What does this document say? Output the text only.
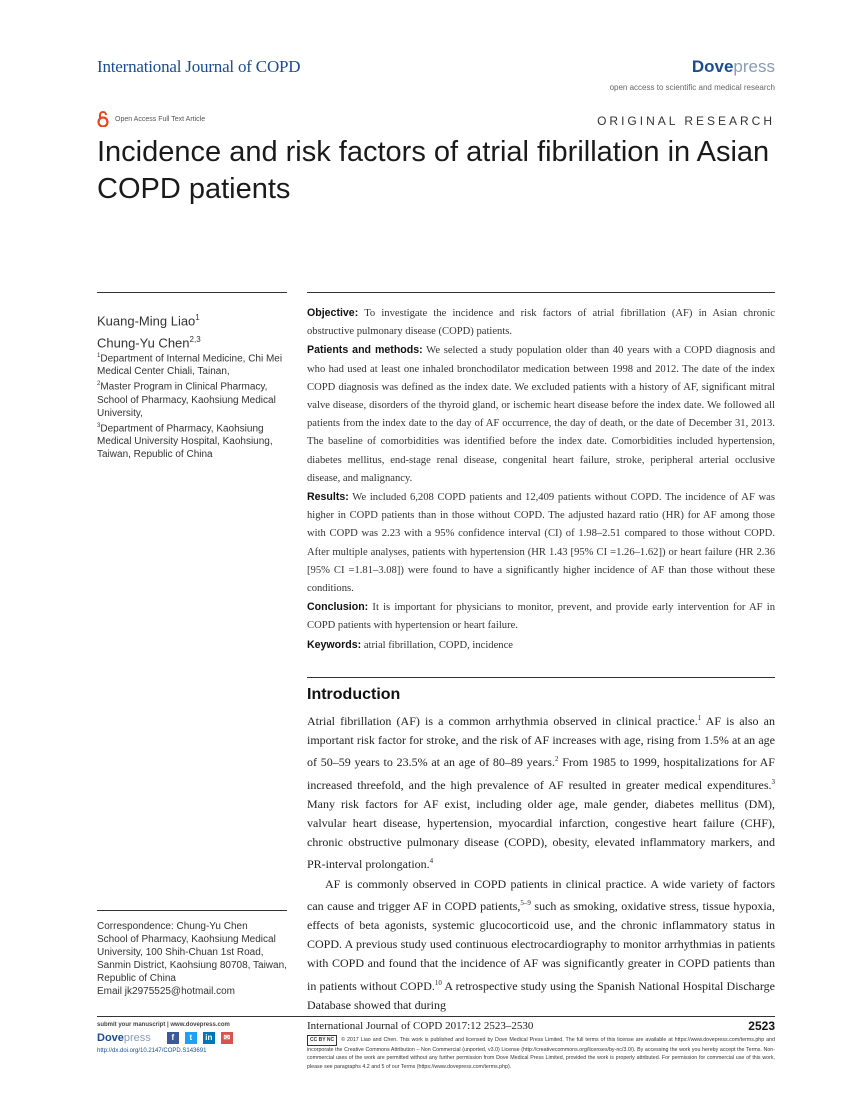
International Journal of COPD	Dovepress
open access to scientific and medical research
Open Access Full Text Article	ORIGINAL RESEARCH
Incidence and risk factors of atrial fibrillation in Asian COPD patients
Kuang-Ming Liao$^1$
Chung-Yu Chen$^{2,3}$
$^1$Department of Internal Medicine, Chi Mei Medical Center Chiali, Tainan,
$^2$Master Program in Clinical Pharmacy, School of Pharmacy, Kaohsiung Medical University,
$^3$Department of Pharmacy, Kaohsiung Medical University Hospital, Kaohsiung, Taiwan, Republic of China

Objective: To investigate the incidence and risk factors of atrial fibrillation (AF) in Asian chronic obstructive pulmonary disease (COPD) patients.

Patients and methods: We selected a study population older than 40 years with a COPD diagnosis and who had used at least one inhaled bronchodilator medication between 1998 and 2012. The date of the index COPD diagnosis was defined as the index date. We excluded patients with a history of AF, significant mitral valve disease, disorders of the thyroid gland, or ischemic heart disease before the index date. We followed all patients from the index date to the day of AF occurrence, the day of death, or the date of December 31, 2013. The baseline of comorbidities was identified before the index date. Comorbidities included hypertension, diabetes mellitus, end-stage renal disease, congenital heart failure, stroke, peripheral arterial occlusive disease, and malignancy.

Results: We included 6,208 COPD patients and 12,409 patients without COPD. The incidence of AF was higher in COPD patients than in those without COPD. The adjusted hazard ratio (HR) for AF among those with COPD was 2.23 with a 95% confidence interval (CI) of 1.98–2.51 compared to those without COPD. After multiple analyses, patients with hypertension (HR 1.43 [95% CI =1.26–1.62]) or heart failure (HR 2.36 [95% CI =1.81–3.08]) were found to have a significantly higher incidence of AF than those without these conditions.

Conclusion: It is important for physicians to monitor, prevent, and provide early intervention for AF in COPD patients with hypertension or heart failure.

Keywords: atrial fibrillation, COPD, incidence

Introduction

Atrial fibrillation (AF) is a common arrhythmia observed in clinical practice.$^1$ AF is also an important risk factor for stroke, and the risk of AF increases with age, rising from 1.5% at an age of 50–59 years to 23.5% at an age of 80–89 years.$^2$ From 1985 to 1999, hospitalizations for AF increased threefold, and the high prevalence of AF resulted in greater medical expenditures.$^3$ Many risk factors for AF exist, including older age, male gender, diabetes mellitus (DM), valvular heart disease, hypertension, myocardial infarction, congestive heart failure (CHF), chronic obstructive pulmonary disease (COPD), obesity, elevated inflammatory markers, and PR-interval prolongation.$^4$

AF is commonly observed in COPD patients in clinical practice. A wide variety of factors can cause and trigger AF in COPD patients,$^{5-9}$ such as smoking, oxidative stress, tissue hypoxia, effects of beta agonists, systemic glucocorticoid use, and the chronic inflammatory status in COPD. A previous study used continuous electrocardiography to monitor arrhythmias in patients with COPD and found that the incidence of AF was significantly greater in COPD patients than in patients without COPD.$^{10}$ A retrospective study using the Spanish National Hospital Discharge Database showed that during

Correspondence: Chung-Yu Chen
School of Pharmacy, Kaohsiung Medical University, 100 Shih-Chuan 1st Road, Sanmin District, Kaohsiung 80708, Taiwan, Republic of China
Email jk2975525@hotmail.com
submit your manuscript | www.dovepress.com
Dovepress	f	t	in	✉
http://dx.doi.org/10.2147/COPD.S143691
International Journal of COPD 2017:12 2523–2530	2523
CC BY NC © 2017 Liao and Chen. This work is published and licensed by Dove Medical Press Limited. The full terms of this license are available at https://www.dovepress.com/terms.php and incorporate the Creative Commons Attribution – Non Commercial (unported, v3.0) License (http://creativecommons.org/licenses/by-nc/3.0/). By accessing the work you hereby accept the Terms. Non-commercial uses of the work are permitted without any further permission from Dove Medical Press Limited, provided the work is properly attributed. For permission for commercial use of this work, please see paragraphs 4.2 and 5 of our Terms (https://www.dovepress.com/terms.php).
